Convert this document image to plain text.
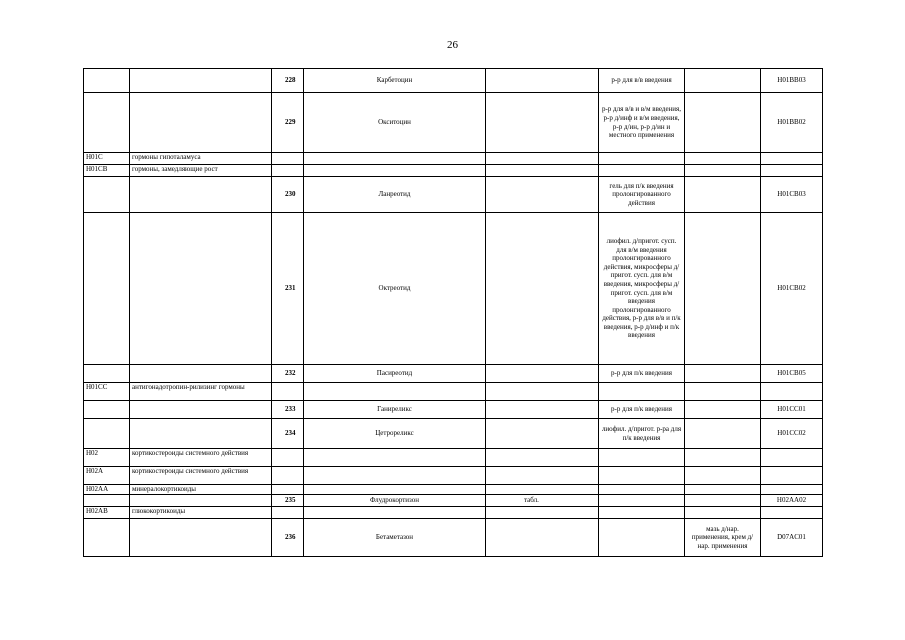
26
		228	Карбетоцин		р-р для в/в введения		H01BB03
		229	Окситоцин		р-р для в/в и в/м введения, р-р д/инф и в/м введения, р-р д/ин, р-р д/ин и местного применения		H01BB02
H01C	гормоны гипоталамуса						
H01CB	гормоны, замедляющие рост						
		230	Ланреотид		гель для п/к введения пролонгированного действия		H01CB03
		231	Октреотид		лиофил. д/пригот. сусп. для в/м введения пролонгированного действия, микросферы д/пригот. сусп. для в/м введения, микросферы д/пригот. сусп. для в/м введения пролонгированного действия, р-р для в/в и п/к введения, р-р д/инф и п/к введения		H01CB02
		232	Пасиреотид		р-р для п/к введения		H01CB05
H01CC	антигонадотропин-рилизинг гормоны						
		233	Ганиреликс		р-р для п/к введения		H01CC01
		234	Цетрореликс		лиофил. д/пригот. р-ра для п/к введения		H01CC02
H02	кортикостероиды системного действия						
H02A	кортикостероиды системного действия						
H02AA	минералокортикоиды						
		235	Флудрокортизон	табл.			H02AA02
H02AB	глюкокортикоиды						
		236	Бетаметазон			мазь д/нар. применения, крем д/нар. применения	D07AC01
